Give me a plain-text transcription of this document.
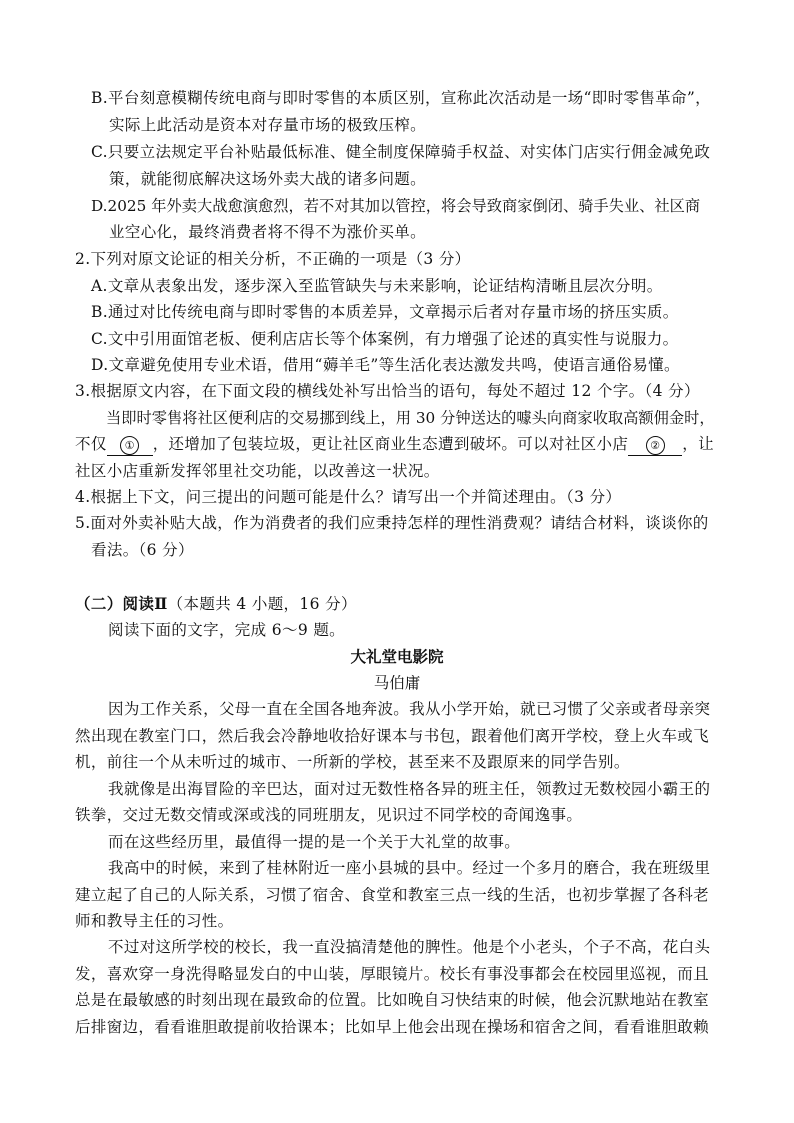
B.平台刻意模糊传统电商与即时零售的本质区别，宣称此次活动是一场“即时零售革命”，
实际上此活动是资本对存量市场的极致压榨。
C.只要立法规定平台补贴最低标准、健全制度保障骑手权益、对实体门店实行佣金减免政
策，就能彻底解决这场外卖大战的诸多问题。
D.2025 年外卖大战愈演愈烈，若不对其加以管控，将会导致商家倒闭、骑手失业、社区商
业空心化，最终消费者将不得不为涨价买单。
2.下列对原文论证的相关分析，不正确的一项是（3 分）
A.文章从表象出发，逐步深入至监管缺失与未来影响，论证结构清晰且层次分明。
B.通过对比传统电商与即时零售的本质差异，文章揭示后者对存量市场的挤压实质。
C.文中引用面馆老板、便利店店长等个体案例，有力增强了论述的真实性与说服力。
D.文章避免使用专业术语，借用“薅羊毛”等生活化表达激发共鸣，使语言通俗易懂。
3.根据原文内容，在下面文段的横线处补写出恰当的语句，每处不超过 12 个字。（4 分）
当即时零售将社区便利店的交易挪到线上，用 30 分钟送达的噱头向商家收取高额佣金时，
不仅 ① ，还增加了包装垃圾，更让社区商业生态遭到破坏。可以对社区小店 ② ，让
社区小店重新发挥邻里社交功能，以改善这一状况。
4.根据上下文，问三提出的问题可能是什么？请写出一个并简述理由。（3 分）
5.面对外卖补贴大战，作为消费者的我们应秉持怎样的理性消费观？请结合材料，谈谈你的
看法。（6 分）
（二）阅读Ⅱ（本题共 4 小题，16 分）
阅读下面的文字，完成 6～9 题。
大礼堂电影院
马伯庸
因为工作关系，父母一直在全国各地奔波。我从小学开始，就已习惯了父亲或者母亲突
然出现在教室门口，然后我会冷静地收拾好课本与书包，跟着他们离开学校，登上火车或飞
机，前往一个从未听过的城市、一所新的学校，甚至来不及跟原来的同学告别。
我就像是出海冒险的辛巴达，面对过无数性格各异的班主任，领教过无数校园小霸王的
铁拳，交过无数交情或深或浅的同班朋友，见识过不同学校的奇闻逸事。
而在这些经历里，最值得一提的是一个关于大礼堂的故事。
我高中的时候，来到了桂林附近一座小县城的县中。经过一个多月的磨合，我在班级里
建立起了自己的人际关系，习惯了宿舍、食堂和教室三点一线的生活，也初步掌握了各科老
师和教导主任的习性。
不过对这所学校的校长，我一直没搞清楚他的脾性。他是个小老头，个子不高，花白头
发，喜欢穿一身洗得略显发白的中山装，厚眼镜片。校长有事没事都会在校园里巡视，而且
总是在最敏感的时刻出现在最致命的位置。比如晚自习快结束的时候，他会沉默地站在教室
后排窗边，看看谁胆敢提前收拾课本；比如早上他会出现在操场和宿舍之间，看看谁胆敢赖
